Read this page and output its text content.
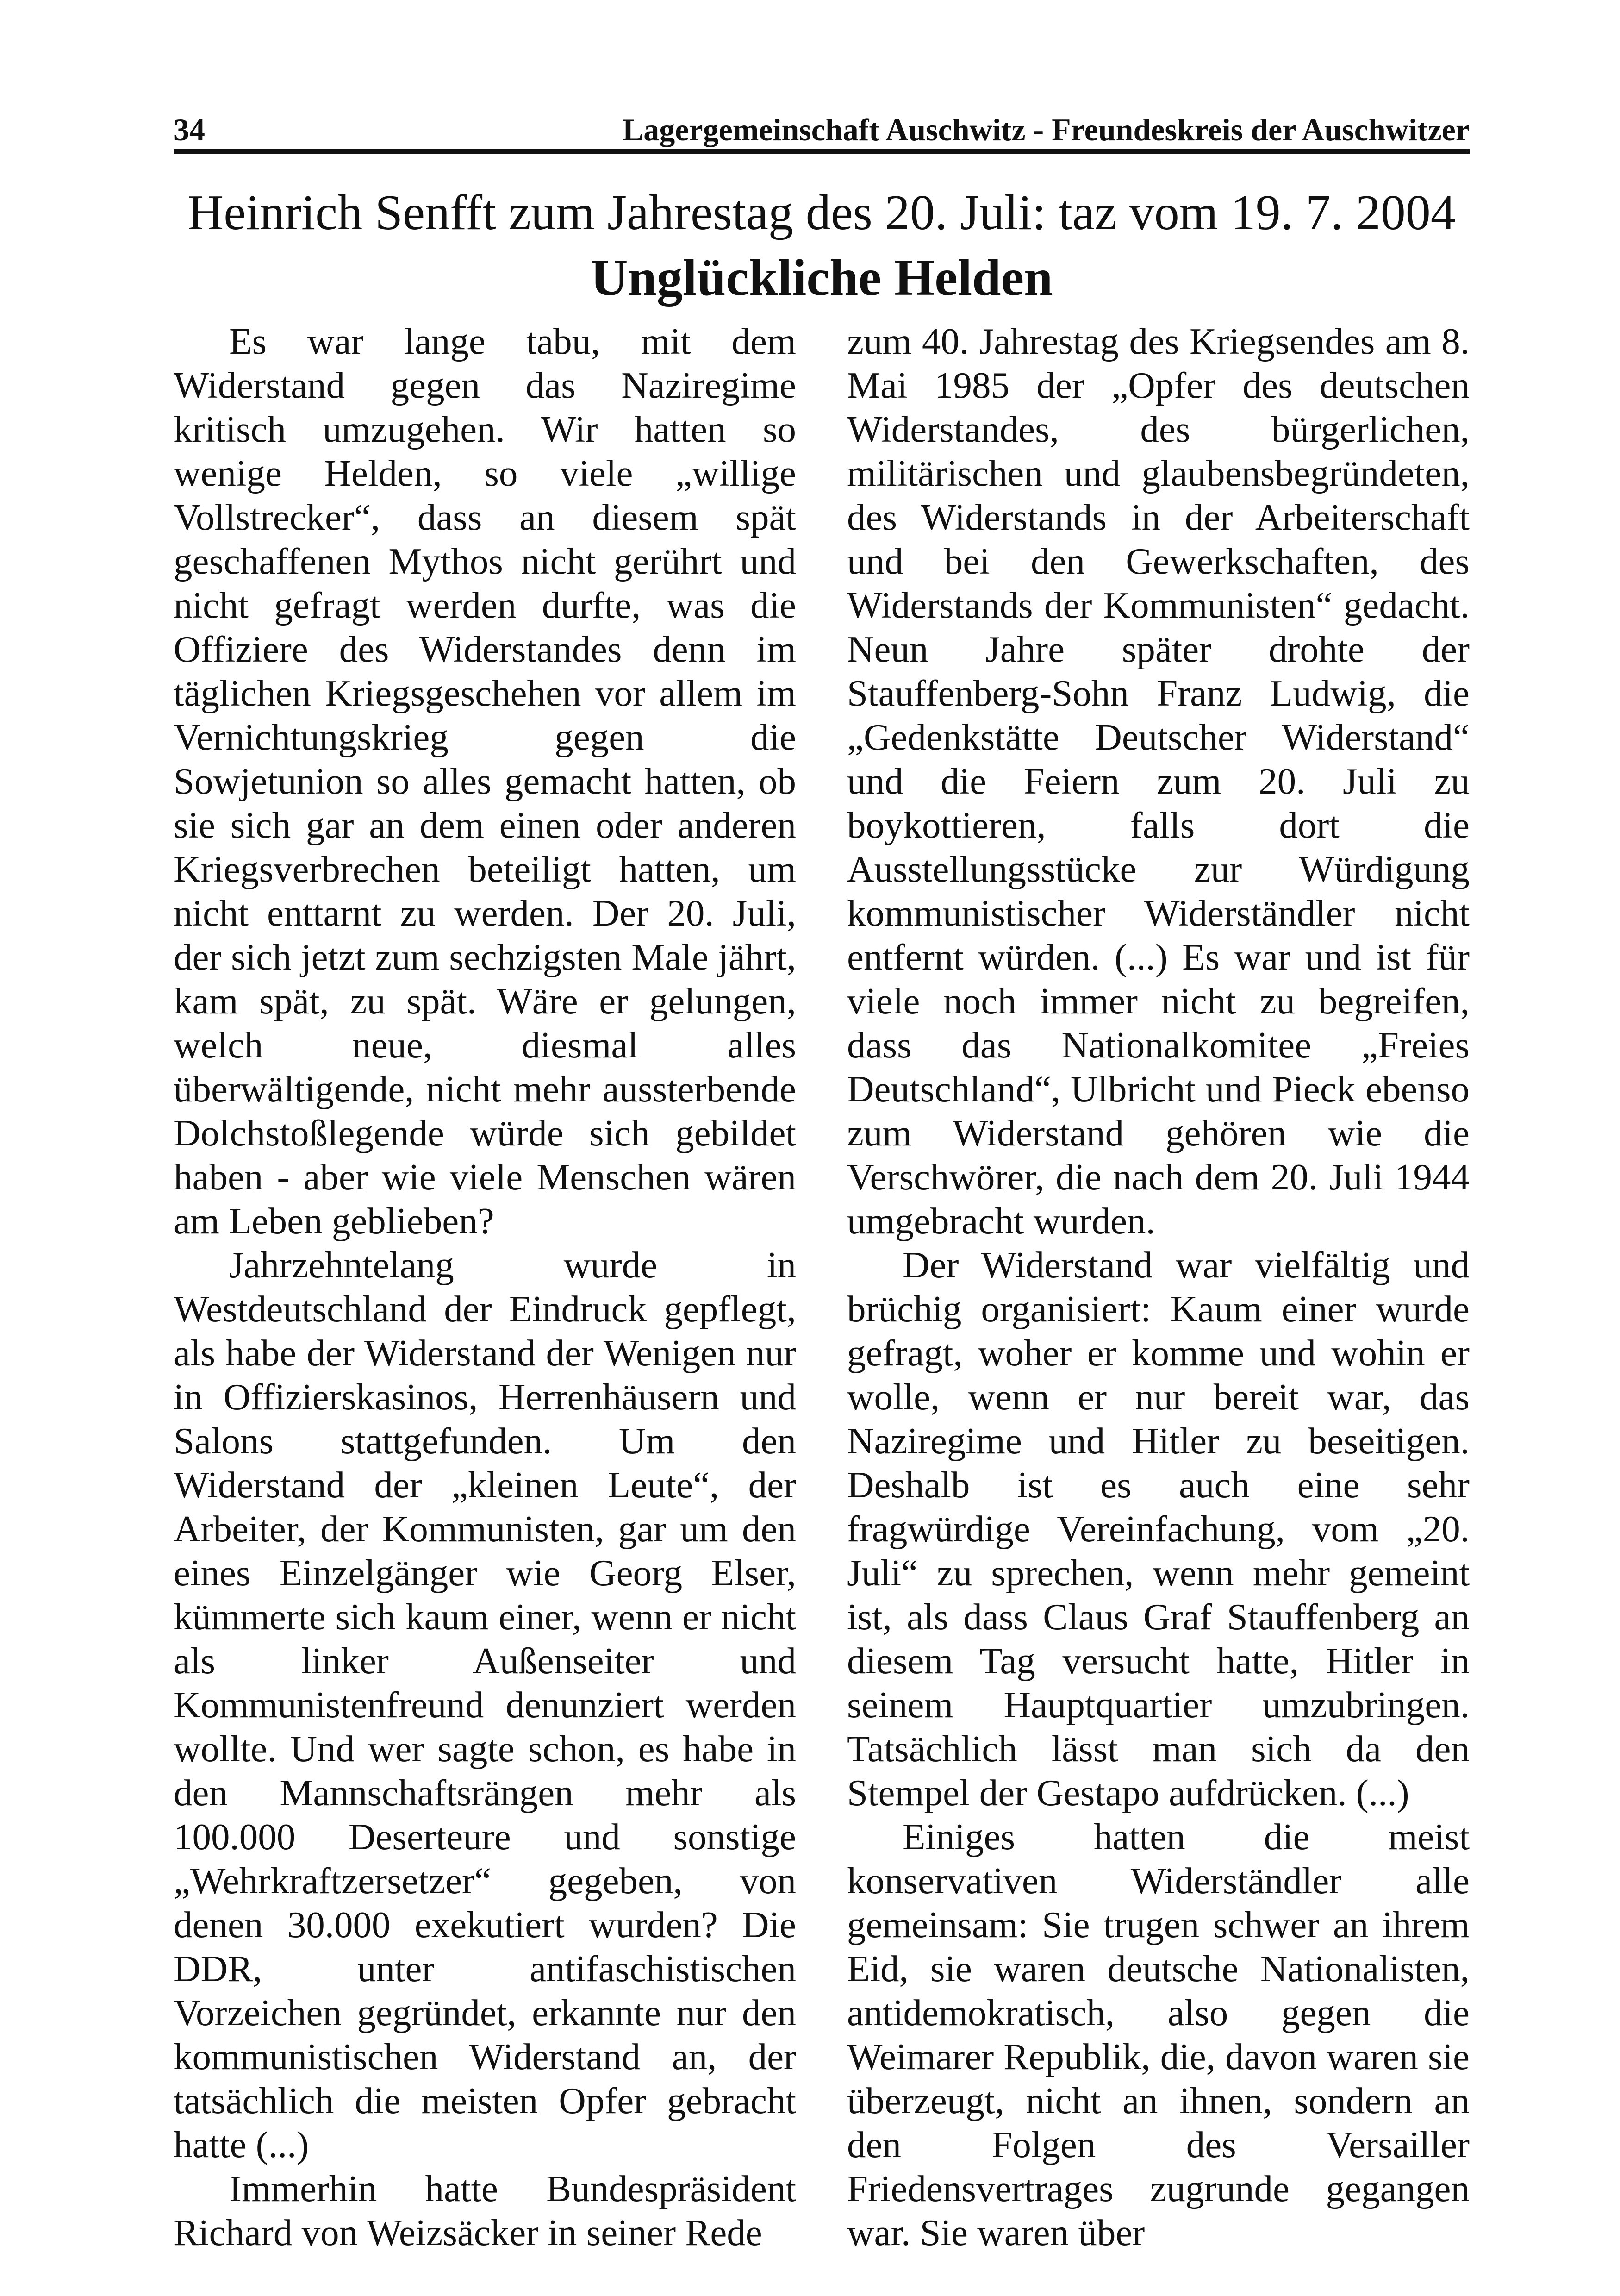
34	Lagergemeinschaft Auschwitz - Freundeskreis der Auschwitzer
Heinrich Senfft zum Jahrestag des 20. Juli: taz vom 19. 7. 2004
Unglückliche Helden

Es war lange tabu, mit dem Widerstand gegen das Naziregime kritisch umzugehen. Wir hatten so wenige Helden, so viele „willige Vollstrecker“, dass an diesem spät geschaffenen Mythos nicht gerührt und nicht gefragt werden durfte, was die Offiziere des Widerstandes denn im täglichen Kriegsgeschehen vor allem im Vernichtungskrieg gegen die Sowjetunion so alles gemacht hatten, ob sie sich gar an dem einen oder anderen Kriegsverbrechen beteiligt hatten, um nicht enttarnt zu werden. Der 20. Juli, der sich jetzt zum sechzigsten Male jährt, kam spät, zu spät. Wäre er gelungen, welch neue, diesmal alles überwältigende, nicht mehr aussterbende Dolchstoßlegende würde sich gebildet haben - aber wie viele Menschen wären am Leben geblieben?

Jahrzehntelang wurde in Westdeutschland der Eindruck gepflegt, als habe der Widerstand der Wenigen nur in Offizierskasinos, Herrenhäusern und Salons stattgefunden. Um den Widerstand der „kleinen Leute“, der Arbeiter, der Kommunisten, gar um den eines Einzelgänger wie Georg Elser, kümmerte sich kaum einer, wenn er nicht als linker Außenseiter und Kommunistenfreund denunziert werden wollte. Und wer sagte schon, es habe in den Mannschaftsrängen mehr als 100.000 Deserteure und sonstige „Wehrkraftzersetzer“ gegeben, von denen 30.000 exekutiert wurden? Die DDR, unter antifaschistischen Vorzeichen gegründet, erkannte nur den kommunistischen Widerstand an, der tatsächlich die meisten Opfer gebracht hatte (...)

Immerhin hatte Bundespräsident Richard von Weizsäcker in seiner Rede

zum 40. Jahrestag des Kriegsendes am 8. Mai 1985 der „Opfer des deutschen Widerstandes, des bürgerlichen, militärischen und glaubensbegründeten, des Widerstands in der Arbeiterschaft und bei den Gewerkschaften, des Widerstands der Kommunisten“ gedacht. Neun Jahre später drohte der Stauffenberg-Sohn Franz Ludwig, die „Gedenkstätte Deutscher Widerstand“ und die Feiern zum 20. Juli zu boykottieren, falls dort die Ausstellungsstücke zur Würdigung kommunistischer Widerständler nicht entfernt würden. (...) Es war und ist für viele noch immer nicht zu begreifen, dass das Nationalkomitee „Freies Deutschland“, Ulbricht und Pieck ebenso zum Widerstand gehören wie die Verschwörer, die nach dem 20. Juli 1944 umgebracht wurden.

Der Widerstand war vielfältig und brüchig organisiert: Kaum einer wurde gefragt, woher er komme und wohin er wolle, wenn er nur bereit war, das Naziregime und Hitler zu beseitigen. Deshalb ist es auch eine sehr fragwürdige Vereinfachung, vom „20. Juli“ zu sprechen, wenn mehr gemeint ist, als dass Claus Graf Stauffenberg an diesem Tag versucht hatte, Hitler in seinem Hauptquartier umzubringen. Tatsächlich lässt man sich da den Stempel der Gestapo aufdrücken. (...)

Einiges hatten die meist konservativen Widerständler alle gemeinsam: Sie trugen schwer an ihrem Eid, sie waren deutsche Nationalisten, antidemokratisch, also gegen die Weimarer Republik, die, davon waren sie überzeugt, nicht an ihnen, sondern an den Folgen des Versailler Friedensvertrages zugrunde gegangen war. Sie waren über
